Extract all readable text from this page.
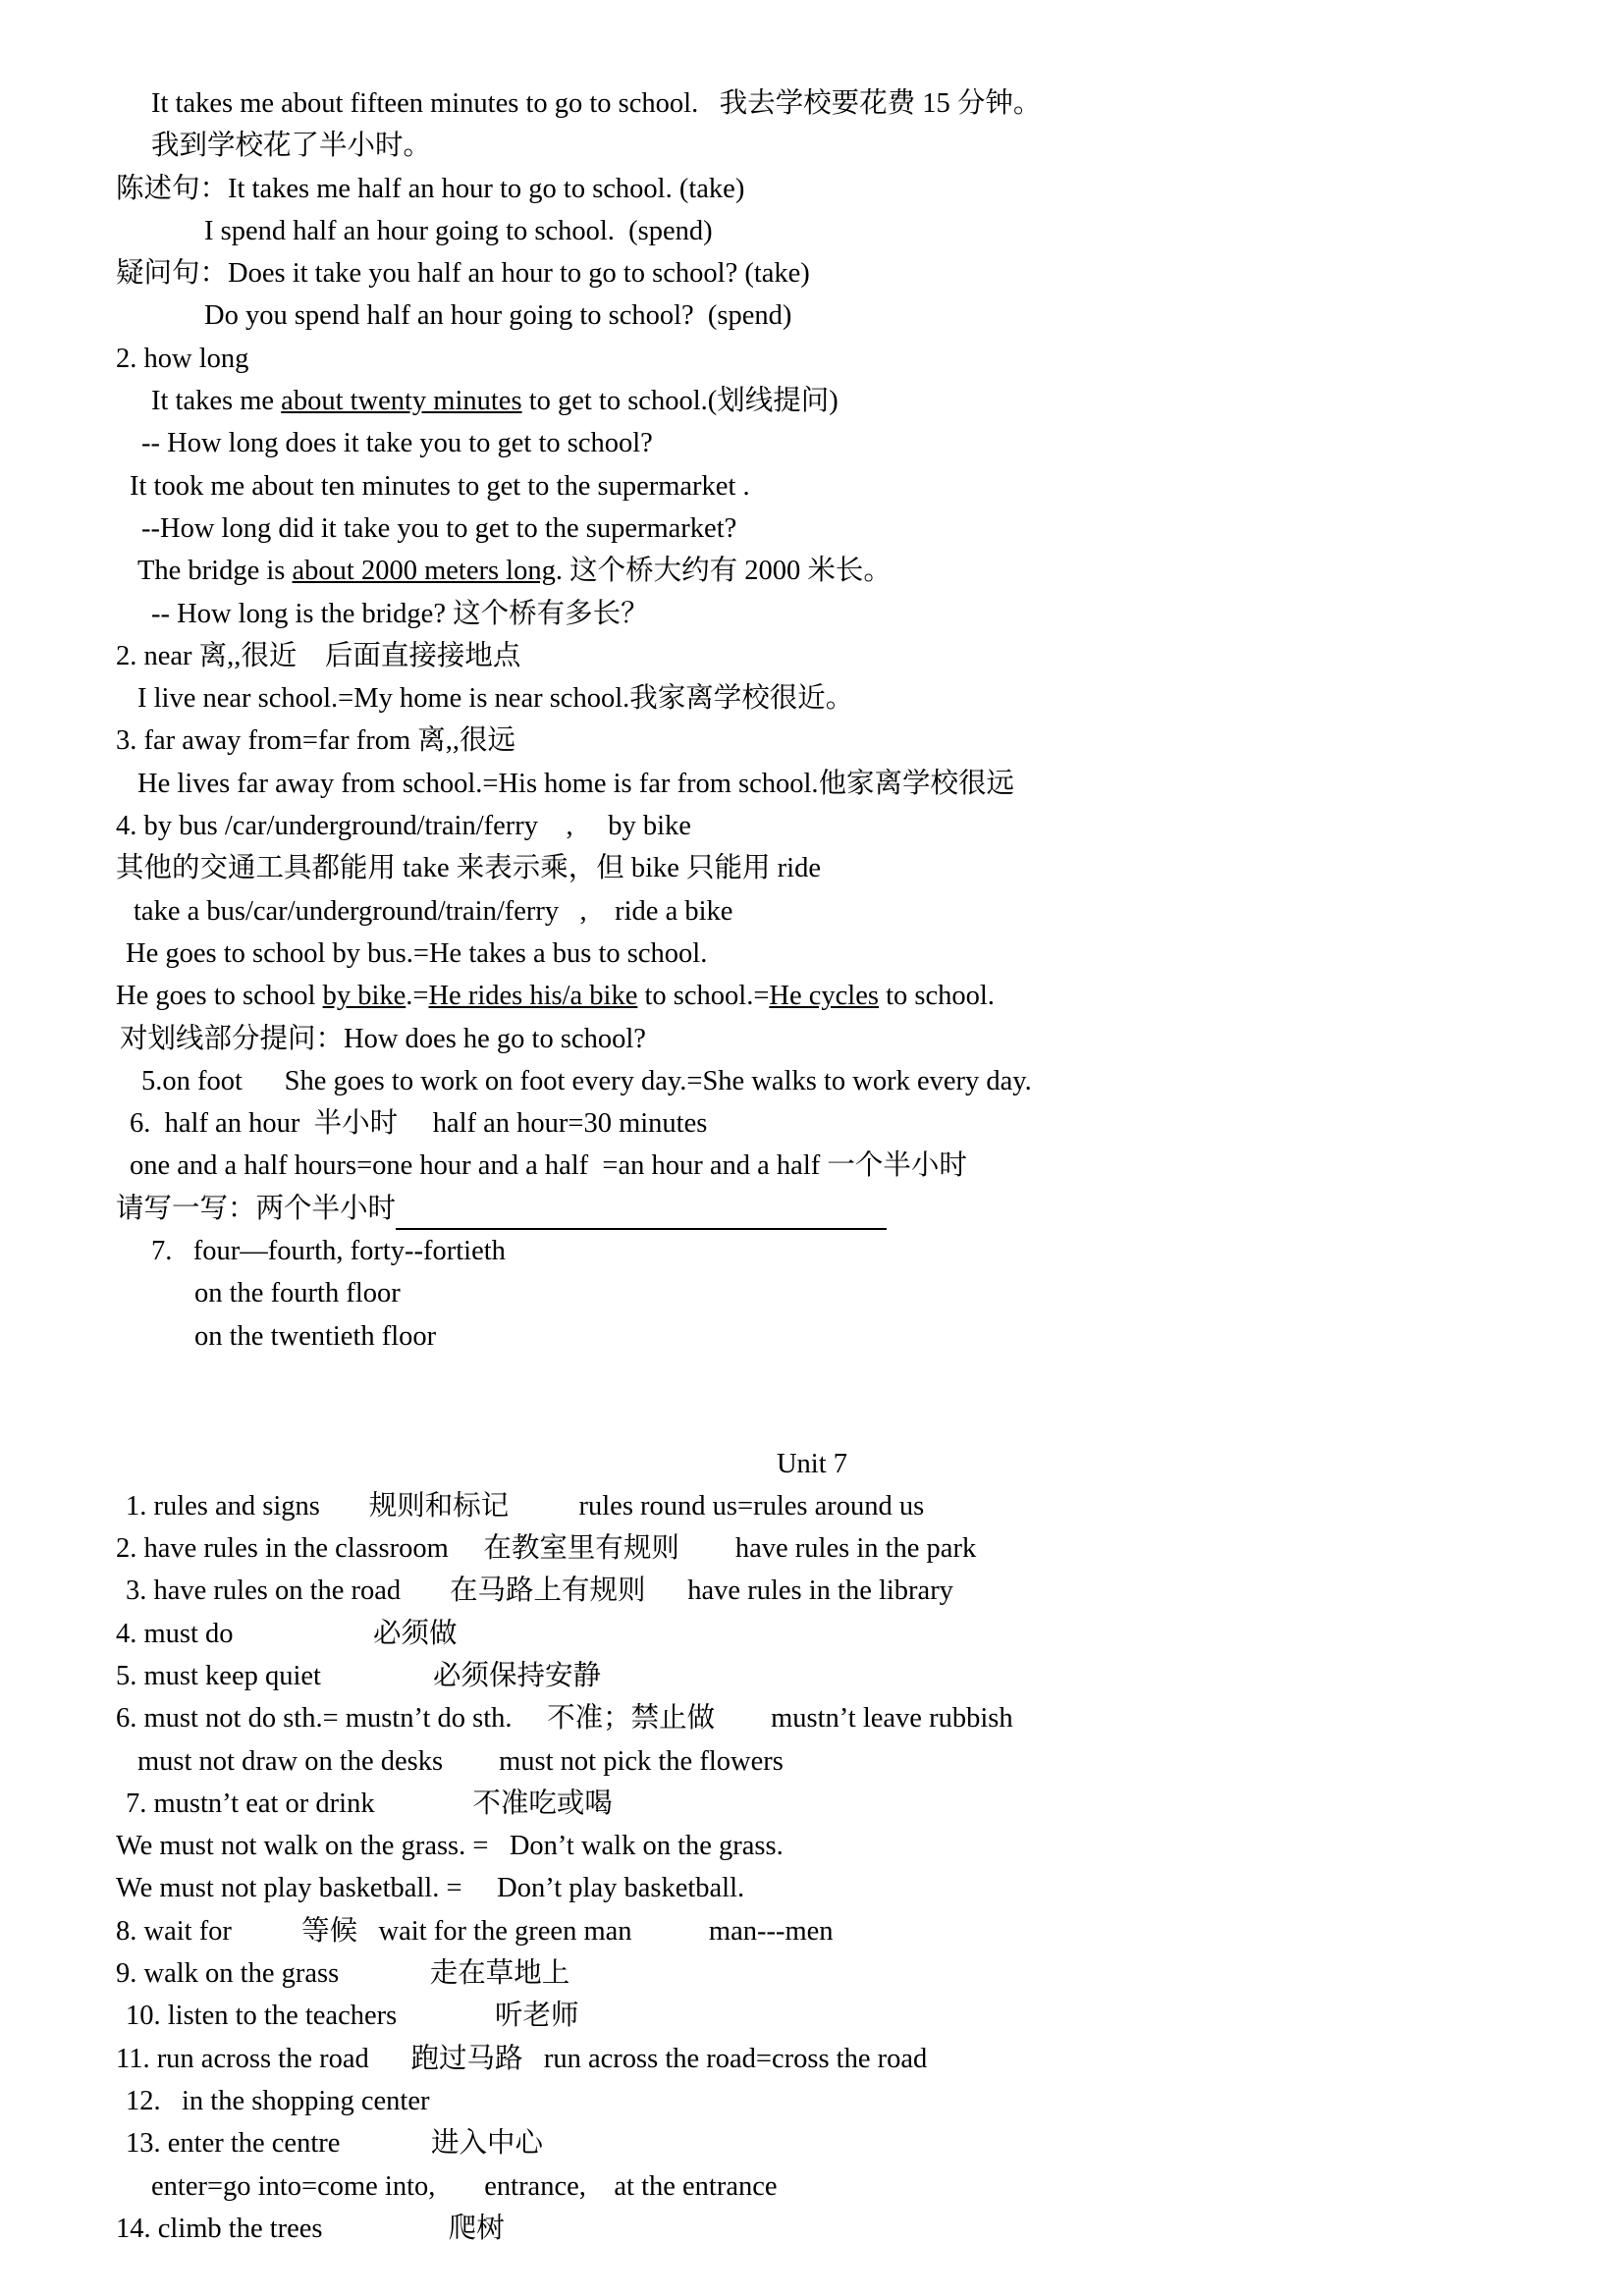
It takes me about fifteen minutes to go to school.   我去学校要花费 15 分钟。
我到学校花了半小时。
陈述句：It takes me half an hour to go to school. (take)
I spend half an hour going to school.  (spend)
疑问句：Does it take you half an hour to go to school? (take)
Do you spend half an hour going to school?  (spend)
2. how long
It takes me about twenty minutes to get to school.(划线提问)
-- How long does it take you to get to school?
It took me about ten minutes to get to the supermarket .
--How long did it take you to get to the supermarket?
The bridge is about 2000 meters long. 这个桥大约有 2000 米长。
-- How long is the bridge? 这个桥有多长？
2. near 离,,很近    后面直接接地点
I live near school.=My home is near school.我家离学校很近。
3. far away from=far from 离,,很远
He lives far away from school.=His home is far from school.他家离学校很远
4. by bus /car/underground/train/ferry    ,     by bike
其他的交通工具都能用 take 来表示乘，但 bike 只能用 ride
take a bus/car/underground/train/ferry   ,    ride a bike
He goes to school by bus.=He takes a bus to school.
He goes to school by bike.=He rides his/a bike to school.=He cycles to school.
对划线部分提问：How does he go to school?
5.on foot      She goes to work on foot every day.=She walks to work every day.
6.  half an hour  半小时     half an hour=30 minutes
one and a half hours=one hour and a half  =an hour and a half 一个半小时
请写一写：两个半小时
7.   four—fourth, forty--fortieth
on the fourth floor
on the twentieth floor
Unit 7
1. rules and signs       规则和标记          rules round us=rules around us
2. have rules in the classroom     在教室里有规则        have rules in the park
3. have rules on the road       在马路上有规则      have rules in the library
4. must do                    必须做
5. must keep quiet                必须保持安静
6. must not do sth.= mustn’t do sth.     不准；禁止做        mustn’t leave rubbish
must not draw on the desks        must not pick the flowers
7. mustn’t eat or drink              不准吃或喝
We must not walk on the grass. =   Don’t walk on the grass.
We must not play basketball. =     Don’t play basketball.
8. wait for          等候   wait for the green man           man---men
9. walk on the grass             走在草地上
10. listen to the teachers              听老师
11. run across the road      跑过马路   run across the road=cross the road
12.   in the shopping center
13. enter the centre             进入中心
enter=go into=come into,       entrance,    at the entrance
14. climb the trees                  爬树
